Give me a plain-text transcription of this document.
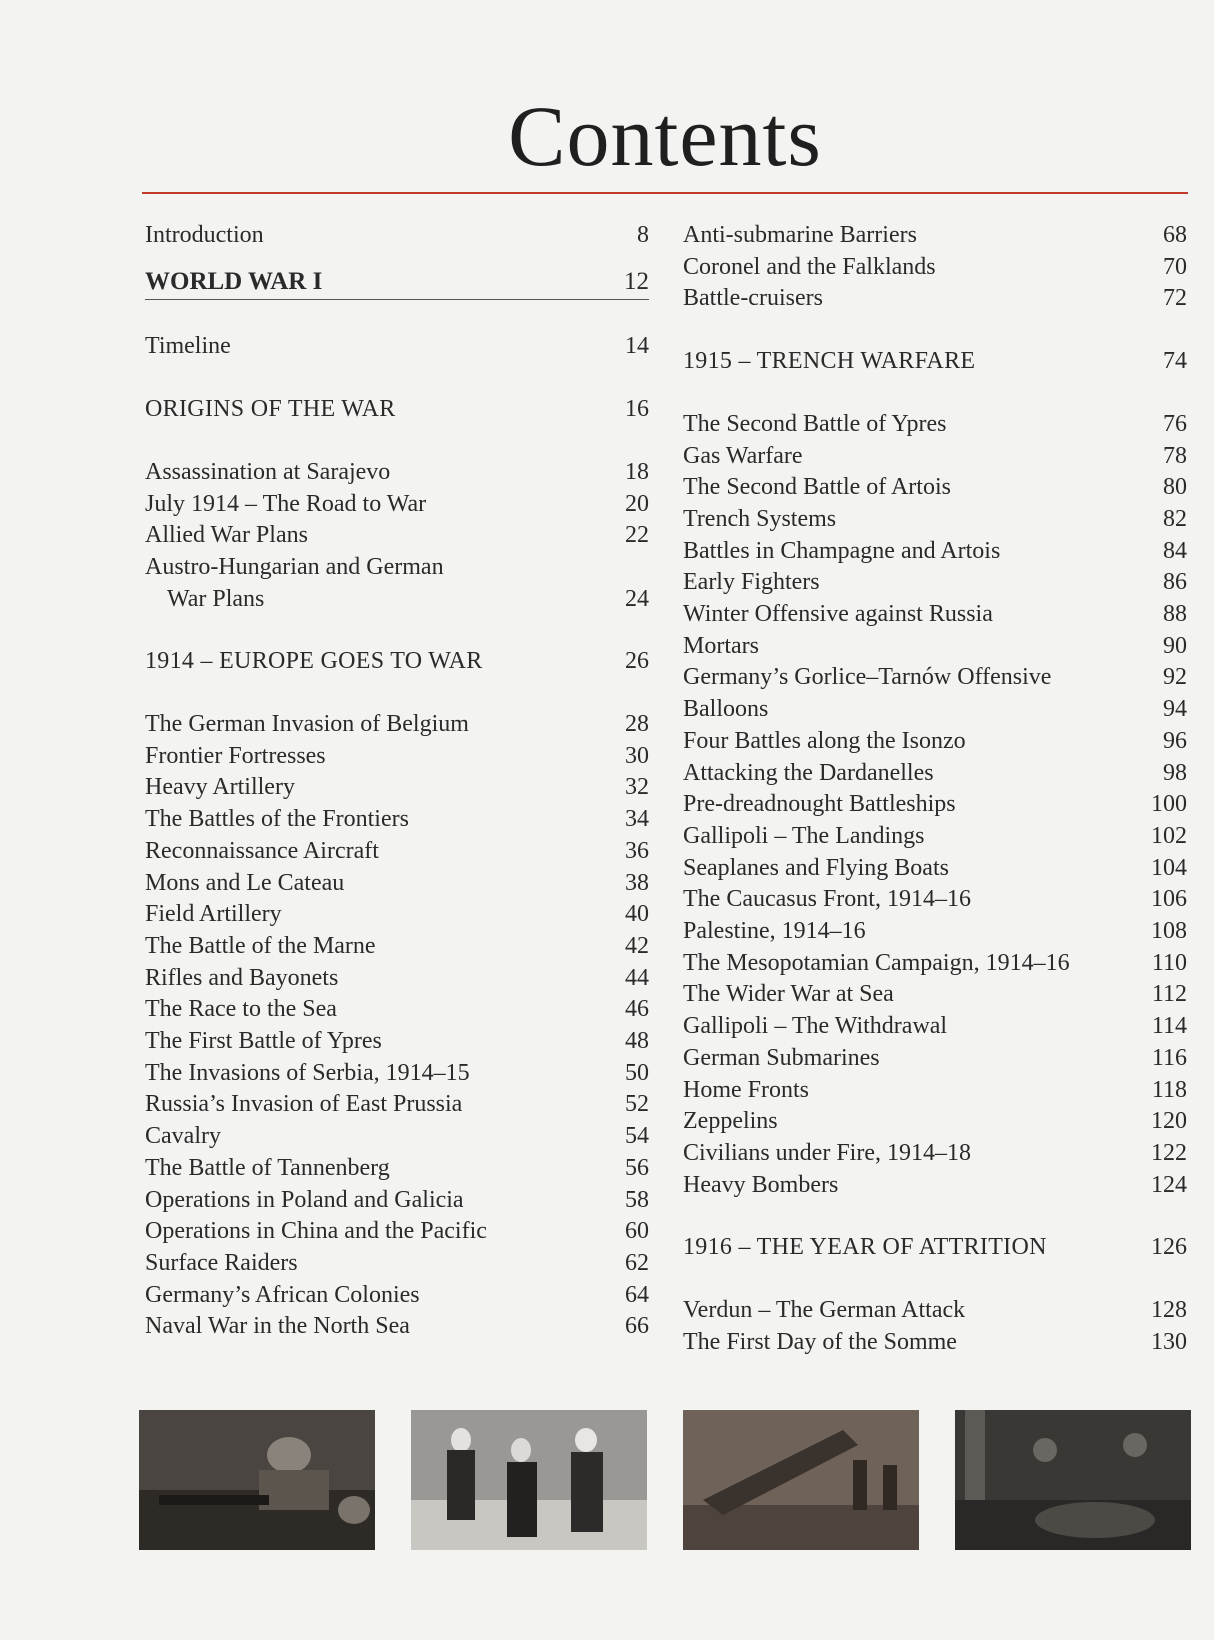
Contents
Introduction	8
WORLD WAR I	12
Timeline	14
ORIGINS OF THE WAR	16
Assassination at Sarajevo	18
July 1914 – The Road to War	20
Allied War Plans	22
Austro-Hungarian and German War Plans	24
1914 – EUROPE GOES TO WAR	26
The German Invasion of Belgium	28
Frontier Fortresses	30
Heavy Artillery	32
The Battles of the Frontiers	34
Reconnaissance Aircraft	36
Mons and Le Cateau	38
Field Artillery	40
The Battle of the Marne	42
Rifles and Bayonets	44
The Race to the Sea	46
The First Battle of Ypres	48
The Invasions of Serbia, 1914–15	50
Russia’s Invasion of East Prussia	52
Cavalry	54
The Battle of Tannenberg	56
Operations in Poland and Galicia	58
Operations in China and the Pacific	60
Surface Raiders	62
Germany’s African Colonies	64
Naval War in the North Sea	66
Anti-submarine Barriers	68
Coronel and the Falklands	70
Battle-cruisers	72
1915 – TRENCH WARFARE	74
The Second Battle of Ypres	76
Gas Warfare	78
The Second Battle of Artois	80
Trench Systems	82
Battles in Champagne and Artois	84
Early Fighters	86
Winter Offensive against Russia	88
Mortars	90
Germany’s Gorlice–Tarnów Offensive	92
Balloons	94
Four Battles along the Isonzo	96
Attacking the Dardanelles	98
Pre-dreadnought Battleships	100
Gallipoli – The Landings	102
Seaplanes and Flying Boats	104
The Caucasus Front, 1914–16	106
Palestine, 1914–16	108
The Mesopotamian Campaign, 1914–16	110
The Wider War at Sea	112
Gallipoli – The Withdrawal	114
German Submarines	116
Home Fronts	118
Zeppelins	120
Civilians under Fire, 1914–18	122
Heavy Bombers	124
1916 – THE YEAR OF ATTRITION	126
Verdun – The German Attack	128
The First Day of the Somme	130
